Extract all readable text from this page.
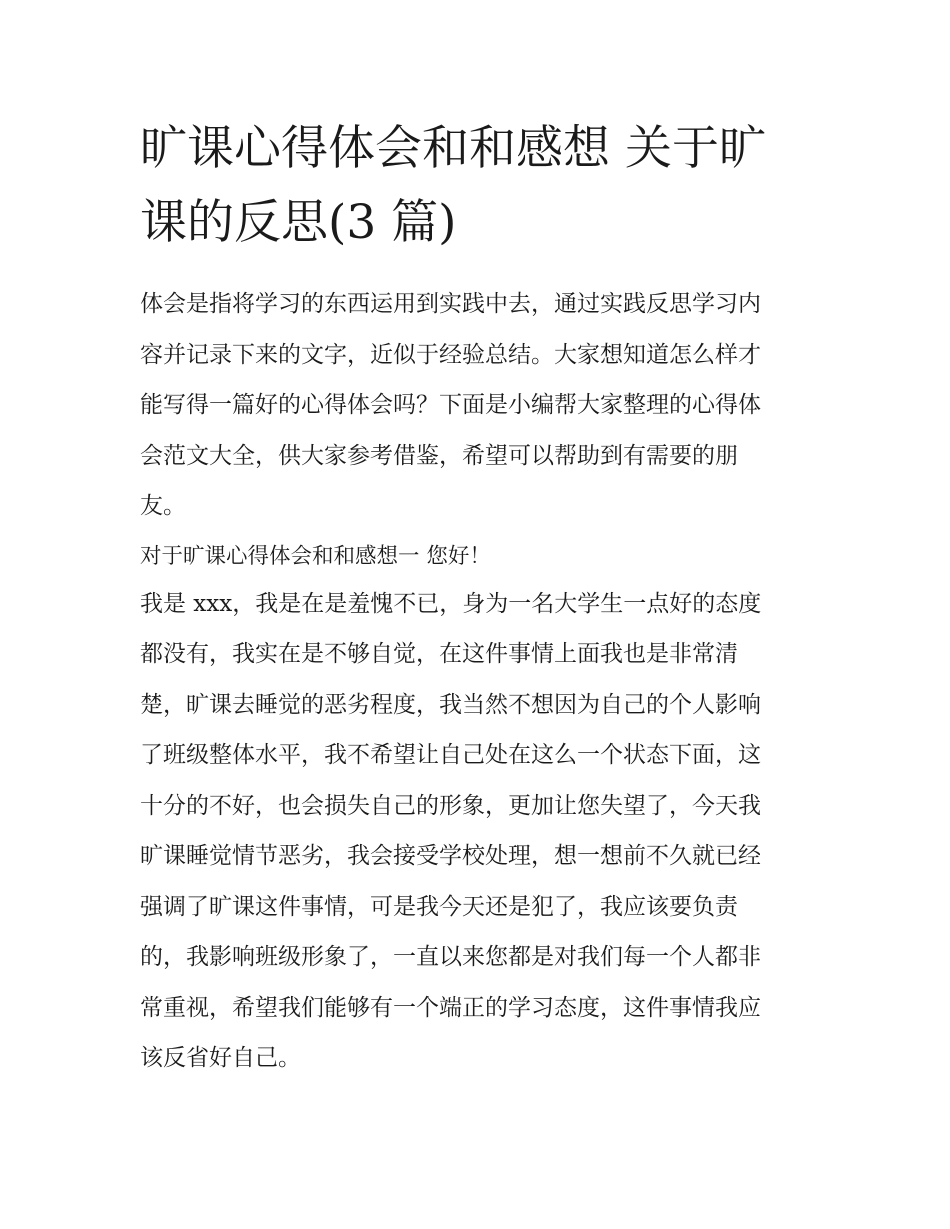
旷课心得体会和和感想 关于旷
课的反思(3 篇)

体会是指将学习的东西运用到实践中去，通过实践反思学习内
容并记录下来的文字，近似于经验总结。大家想知道怎么样才
能写得一篇好的心得体会吗？下面是小编帮大家整理的心得体
会范文大全，供大家参考借鉴，希望可以帮助到有需要的朋
友。

对于旷课心得体会和和感想一 您好！

我是 xxx，我是在是羞愧不已，身为一名大学生一点好的态度
都没有，我实在是不够自觉，在这件事情上面我也是非常清
楚，旷课去睡觉的恶劣程度，我当然不想因为自己的个人影响
了班级整体水平，我不希望让自己处在这么一个状态下面，这
十分的不好，也会损失自己的形象，更加让您失望了，今天我
旷课睡觉情节恶劣，我会接受学校处理，想一想前不久就已经
强调了旷课这件事情，可是我今天还是犯了，我应该要负责
的，我影响班级形象了，一直以来您都是对我们每一个人都非
常重视，希望我们能够有一个端正的学习态度，这件事情我应
该反省好自己。
